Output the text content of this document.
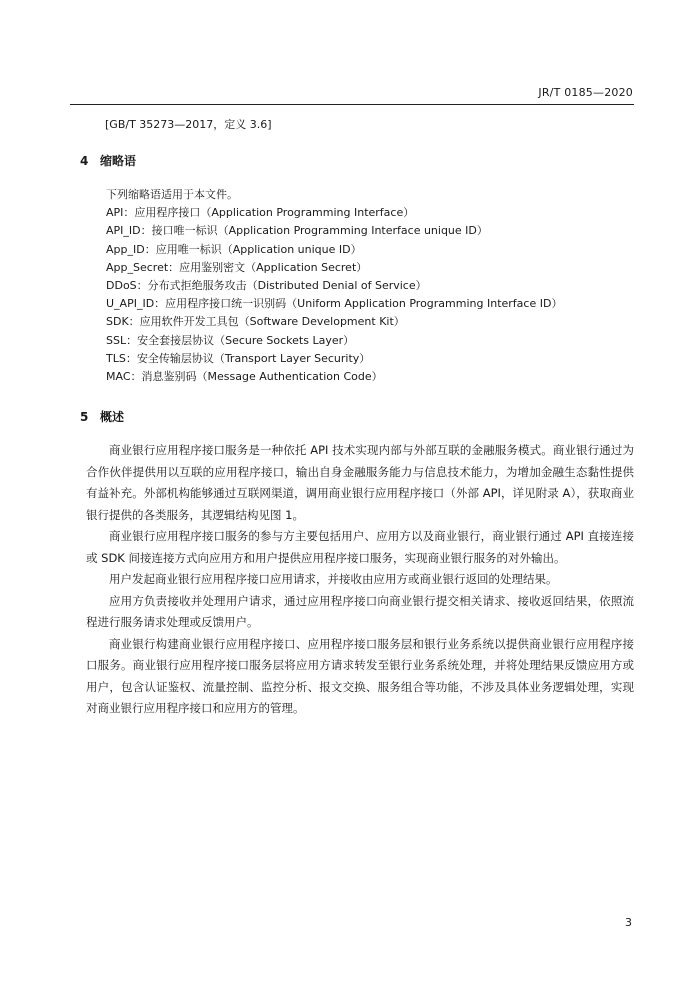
JR/T 0185—2020
[GB/T 35273—2017，定义 3.6]
4 缩略语
下列缩略语适用于本文件。
API：应用程序接口（Application Programming Interface）
API_ID：接口唯一标识（Application Programming Interface unique ID）
App_ID：应用唯一标识（Application unique ID）
App_Secret：应用鉴别密文（Application Secret）
DDoS：分布式拒绝服务攻击（Distributed Denial of Service）
U_API_ID：应用程序接口统一识别码（Uniform Application Programming Interface ID）
SDK：应用软件开发工具包（Software Development Kit）
SSL：安全套接层协议（Secure Sockets Layer）
TLS：安全传输层协议（Transport Layer Security）
MAC：消息鉴别码（Message Authentication Code）
5 概述

商业银行应用程序接口服务是一种依托 API 技术实现内部与外部互联的金融服务模式。商业银行通过为合作伙伴提供用以互联的应用程序接口，输出自身金融服务能力与信息技术能力，为增加金融生态黏性提供有益补充。外部机构能够通过互联网渠道，调用商业银行应用程序接口（外部 API，详见附录 A），获取商业银行提供的各类服务，其逻辑结构见图 1。

商业银行应用程序接口服务的参与方主要包括用户、应用方以及商业银行，商业银行通过 API 直接连接或 SDK 间接连接方式向应用方和用户提供应用程序接口服务，实现商业银行服务的对外输出。

用户发起商业银行应用程序接口应用请求，并接收由应用方或商业银行返回的处理结果。

应用方负责接收并处理用户请求，通过应用程序接口向商业银行提交相关请求、接收返回结果，依照流程进行服务请求处理或反馈用户。

商业银行构建商业银行应用程序接口、应用程序接口服务层和银行业务系统以提供商业银行应用程序接口服务。商业银行应用程序接口服务层将应用方请求转发至银行业务系统处理，并将处理结果反馈应用方或用户，包含认证鉴权、流量控制、监控分析、报文交换、服务组合等功能，不涉及具体业务逻辑处理，实现对商业银行应用程序接口和应用方的管理。

3
